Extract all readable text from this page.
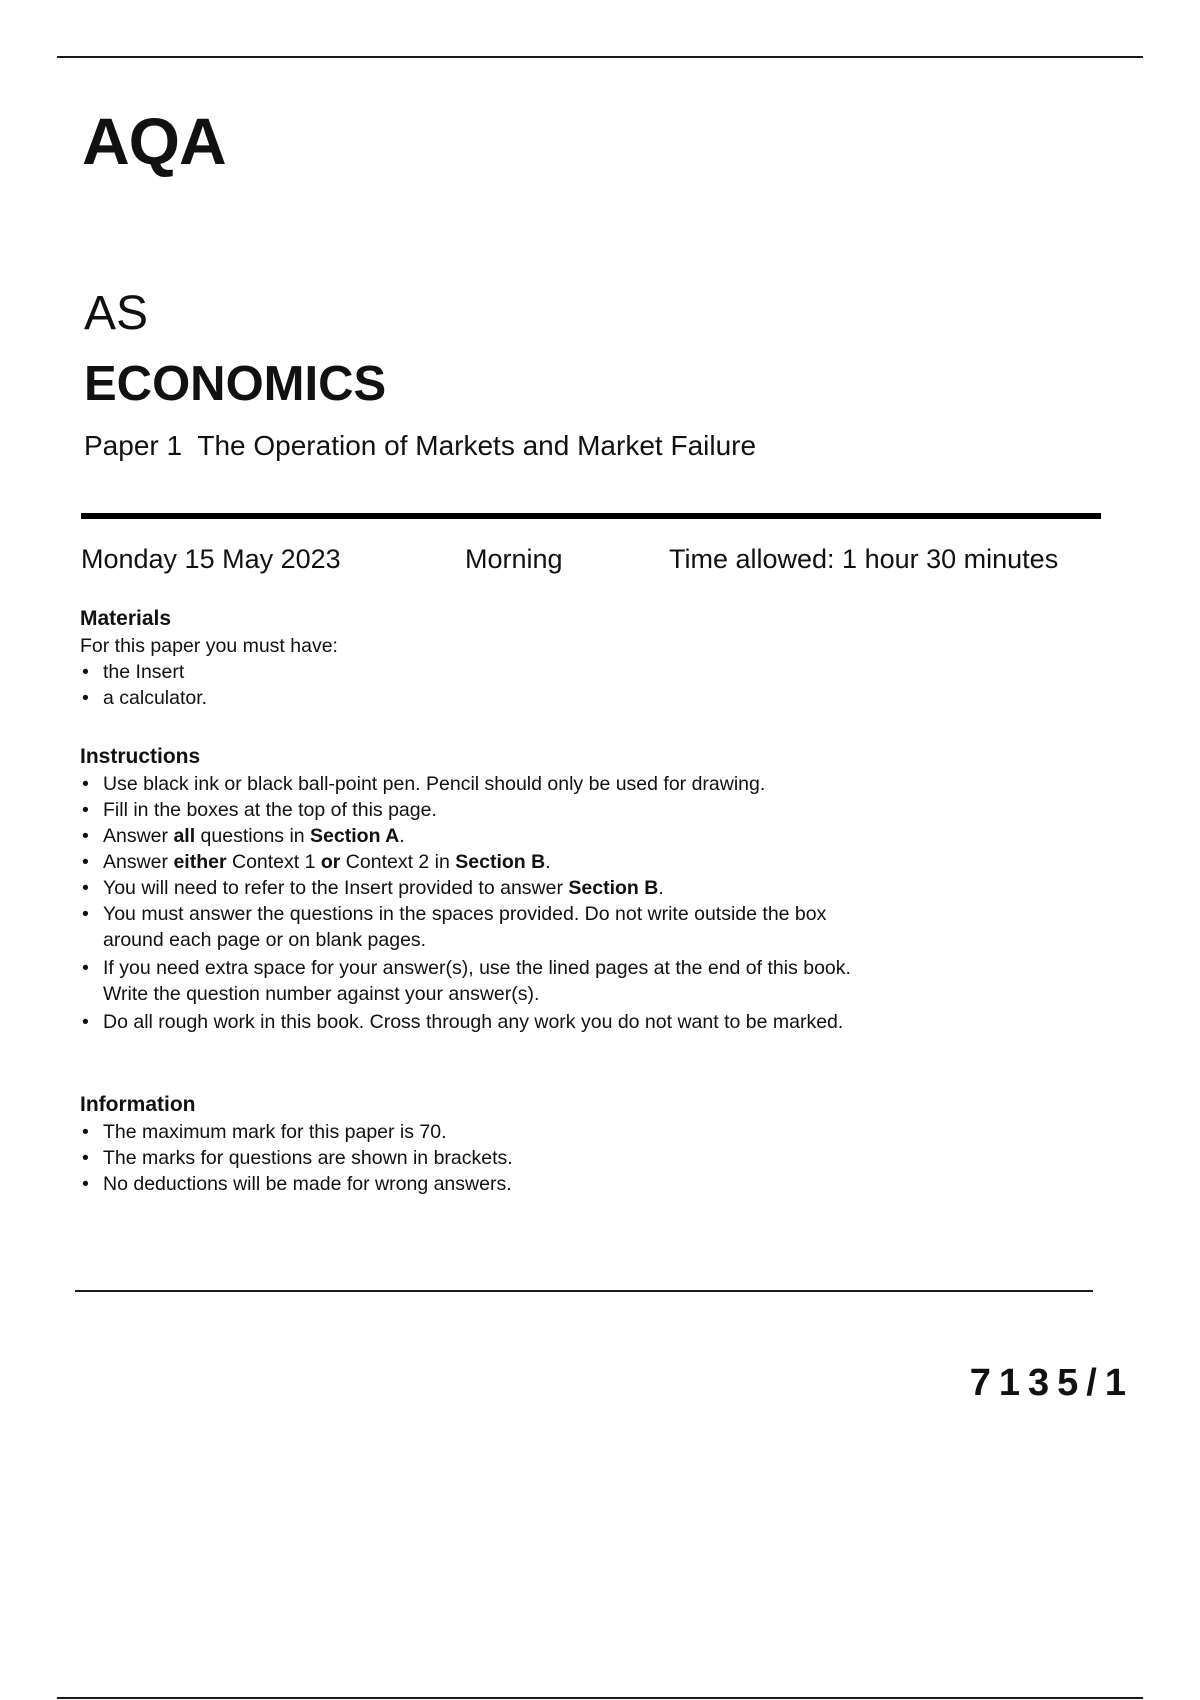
AQA
AS
ECONOMICS
Paper 1 The Operation of Markets and Market Failure
Monday 15 May 2023	Morning	Time allowed: 1 hour 30 minutes
Materials

For this paper you must have:

• the Insert
• a calculator.
Instructions
• Use black ink or black ball-point pen. Pencil should only be used for drawing.
• Fill in the boxes at the top of this page.
• Answer all questions in Section A.
• Answer either Context 1 or Context 2 in Section B.
• You will need to refer to the Insert provided to answer Section B.
• You must answer the questions in the spaces provided. Do not write outside the box around each page or on blank pages.
• If you need extra space for your answer(s), use the lined pages at the end of this book. Write the question number against your answer(s).
• Do all rough work in this book. Cross through any work you do not want to be marked.
Information
• The maximum mark for this paper is 70.
• The marks for questions are shown in brackets.
• No deductions will be made for wrong answers.
7135/1
